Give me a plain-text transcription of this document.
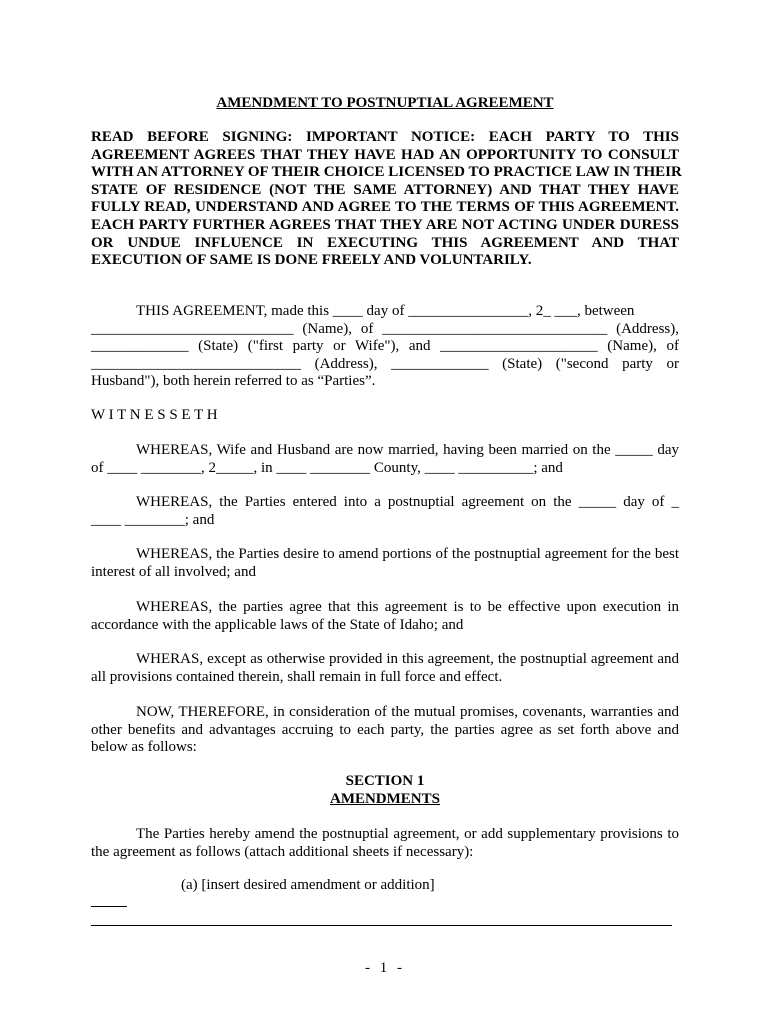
AMENDMENT TO POSTNUPTIAL AGREEMENT

READ BEFORE SIGNING: IMPORTANT NOTICE: EACH PARTY TO THIS
AGREEMENT AGREES THAT THEY HAVE HAD AN OPPORTUNITY TO CONSULT
WITH AN ATTORNEY OF THEIR CHOICE LICENSED TO PRACTICE LAW IN THEIR
STATE OF RESIDENCE (NOT THE SAME ATTORNEY) AND THAT THEY HAVE
FULLY READ, UNDERSTAND AND AGREE TO THE TERMS OF THIS AGREEMENT.
EACH PARTY FURTHER AGREES THAT THEY ARE NOT ACTING UNDER DURESS
OR UNDUE INFLUENCE IN EXECUTING THIS AGREEMENT AND THAT
EXECUTION OF SAME IS DONE FREELY AND VOLUNTARILY.
THIS AGREEMENT, made this ____ day of ________________, 2_ ___, between
___________________________ (Name), of ______________________________ (Address),
_____________ (State) ("first party or Wife"), and _____________________ (Name), of
____________________________ (Address), _____________ (State) ("second party or
Husband"), both herein referred to as “Parties”.

W I T N E S S E T H

WHEREAS, Wife and Husband are now married, having been married on the _____ day
of ____ ________, 2_____, in ____ ________ County, ____ __________; and
WHEREAS, the Parties entered into a postnuptial agreement on the _____ day of _
____ ________; and
WHEREAS, the Parties desire to amend portions of the postnuptial agreement for the best
interest of all involved; and
WHEREAS, the parties agree that this agreement is to be effective upon execution in
accordance with the applicable laws of the State of Idaho; and
WHERAS, except as otherwise provided in this agreement, the postnuptial agreement and
all provisions contained therein, shall remain in full force and effect.
NOW, THEREFORE, in consideration of the mutual promises, covenants, warranties and
other benefits and advantages accruing to each party, the parties agree as set forth above and
below as follows:

SECTION 1

AMENDMENTS

The Parties hereby amend the postnuptial agreement, or add supplementary provisions to
the agreement as follows (attach additional sheets if necessary):

(a) [insert desired amendment or addition]

- 1 -
